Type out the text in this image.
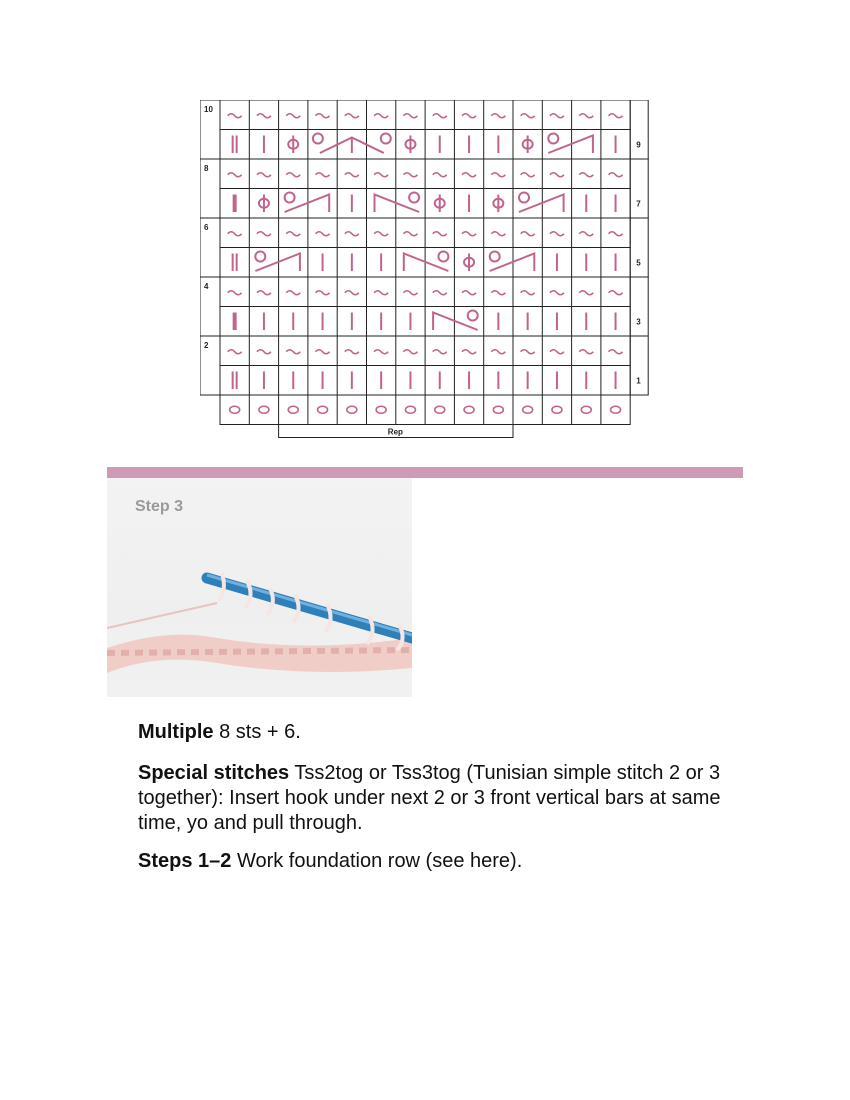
10
9
8
7
6
5
4
3
2
1
Rep
Step 3
Multiple 8 sts + 6.
Special stitches Tss2tog or Tss3tog (Tunisian simple stitch 2 or 3 together): Insert hook under next 2 or 3 front vertical bars at same time, yo and pull through.
Steps 1–2 Work foundation row (see here).
